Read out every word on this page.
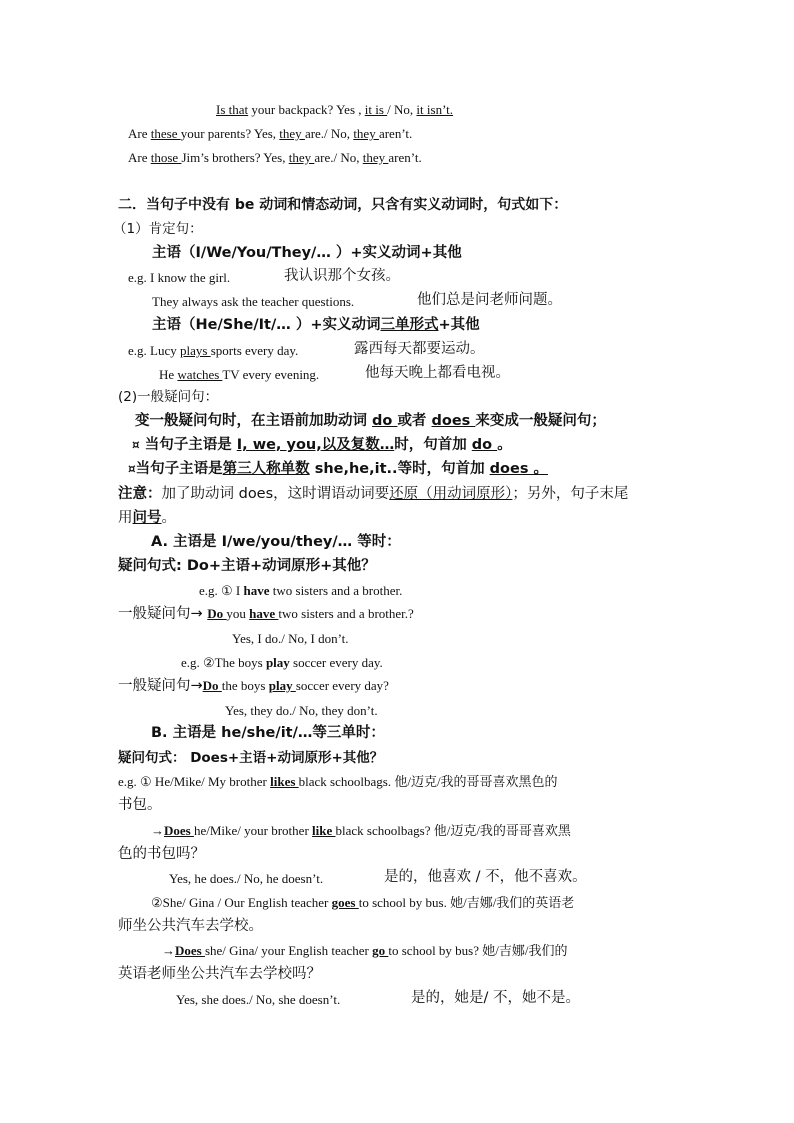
Is that your backpack? Yes , it is / No, it isn’t.
Are these your parents? Yes, they are./ No, they aren’t.
Are those Jim’s brothers? Yes, they are./ No, they aren’t.
二．当句子中没有 be 动词和情态动词，只含有实义动词时，句式如下：
（1）肯定句：
主语（I/We/You/They/… ）+实义动词+其他
e.g. I know the girl.	我认识那个女孩。
They always ask the teacher questions.	他们总是问老师问题。
主语（He/She/It/… ）+实义动词三单形式+其他
e.g. Lucy plays sports every day.	露西每天都要运动。
He watches TV every evening.	他每天晚上都看电视。
(2)一般疑问句：
变一般疑问句时，在主语前加助动词 do 或者 does 来变成一般疑问句；
¤ 当句子主语是 I, we, you,以及复数…时，句首加 do 。
¤当句子主语是第三人称单数 she,he,it..等时，句首加 does 。
注意：加了助动词 does，这时谓语动词要还原（用动词原形）；另外，句子末尾
用问号。
A. 主语是 I/we/you/they/… 等时：
疑问句式: Do+主语+动词原形+其他？
e.g. ① I have two sisters and a brother.
一般疑问句→ Do you have two sisters and a brother.?
Yes, I do./ No, I don’t.
e.g. ②The boys play soccer every day.
一般疑问句→Do the boys play soccer every day?
Yes, they do./ No, they don’t.
B. 主语是 he/she/it/…等三单时：
疑问句式： Does+主语+动词原形+其他？
e.g. ① He/Mike/ My brother likes black schoolbags. 他/迈克/我的哥哥喜欢黑色的
书包。
→Does he/Mike/ your brother like black schoolbags? 他/迈克/我的哥哥喜欢黑
色的书包吗？
Yes, he does./ No, he doesn’t.	是的，他喜欢 / 不，他不喜欢。
②She/ Gina / Our English teacher goes to school by bus. 她/吉娜/我们的英语老
师坐公共汽车去学校。
→Does she/ Gina/ your English teacher go to school by bus? 她/吉娜/我们的
英语老师坐公共汽车去学校吗？
Yes, she does./ No, she doesn’t.	是的，她是/ 不，她不是。
